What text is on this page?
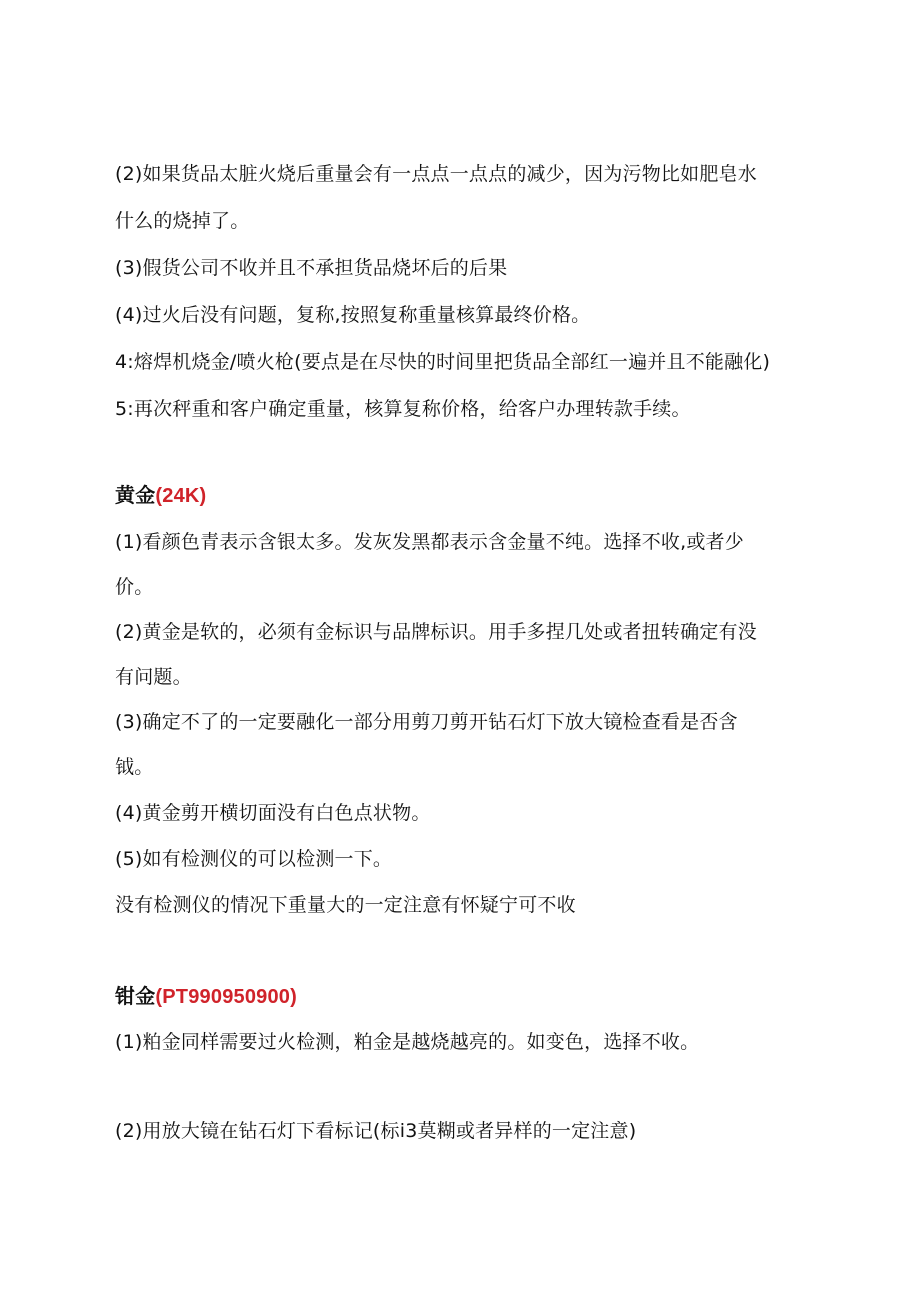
(2)如果货品太脏火烧后重量会有一点点一点点的减少，因为污物比如肥皂水
什么的烧掉了。
(3)假货公司不收并且不承担货品烧坏后的后果
(4)过火后没有问题，复称,按照复称重量核算最终价格。
4:熔焊机烧金/喷火枪(要点是在尽快的时间里把货品全部红一遍并且不能融化)
5:再次秤重和客户确定重量，核算复称价格，给客户办理转款手续。
黄金(24K)
(1)看颜色青表示含银太多。发灰发黑都表示含金量不纯。选择不收,或者少
价。
(2)黄金是软的，必须有金标识与品牌标识。用手多捏几处或者扭转确定有没
有问题。
(3)确定不了的一定要融化一部分用剪刀剪开钻石灯下放大镜检查看是否含
钺。
(4)黄金剪开横切面没有白色点状物。
(5)如有检测仪的可以检测一下。
没有检测仪的情况下重量大的一定注意有怀疑宁可不收
钳金(PT990950900)
(1)粕金同样需要过火检测，粕金是越烧越亮的。如变色，选择不收。
(2)用放大镜在钻石灯下看标记(标i3莫糊或者异样的一定注意)
